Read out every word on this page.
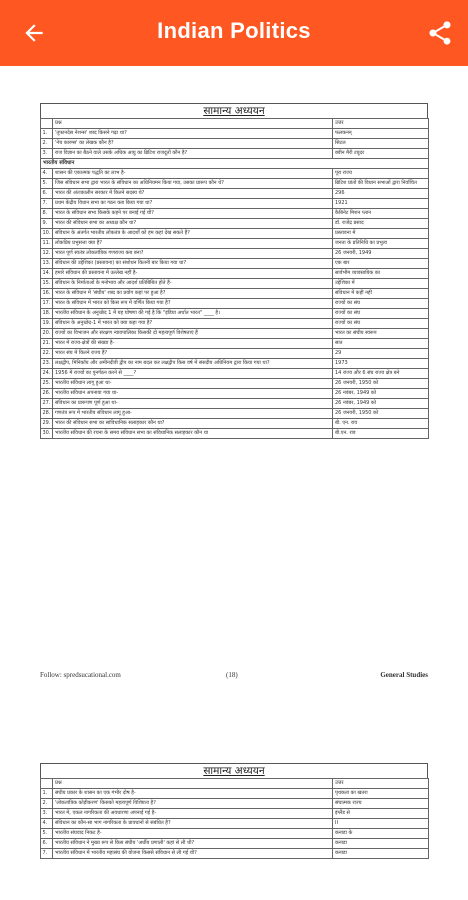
Indian Politics
सामान्य अध्ययन
	प्रश्न	उत्तर
1.	'तूफानदेस नेशन्स' शब्द किसने गढ़ा था?	फलकनन्
2.	'नेच कारम्स' का लेखक कौन है?	सिटल
3.	राज विज्ञान का बैठने वाले उसके अधिक आयु का ब्रिटिश राजदूतों कौन है?	क्वीन मैरी टयूदर
भारतीय संविधान		
4.	शासन की एकात्मक पद्धति का लाभ है-	पूरा राज्य
5.	जिस संविधान सभा द्वारा भारत के संविधान का अधिनियमन किया गया, उसका प्रारूप कौन थे?	ब्रिटिश प्रांतों की विधान सभाओं द्वारा निर्वाचित
6.	भारत की अंतःकालीन सरकार में कितने सदस्य थे?	296
7.	प्रथम केंद्रीय विधान सभा का गठन कब किया गया था?	1921
8.	भारत के संविधान सभा किसके कहने पर बनाई गई थी?	कैबिनेट मिशन प्लान
9.	भारत की संविधान सभा का अध्यक्ष कौन था?	डॉ. राजेंद्र प्रसाद
10.	संविधान के अंतर्गत भारतीय लोकतंत्र के आदर्शों को हम कहां देख सकते हैं?	प्रस्तावना में
11.	लोकप्रिय प्रभुसत्ता क्या है?	जनता के प्रतिनिधि का प्रभुत्व
12.	भारत पूर्ण स्वतंत्र लोकतांत्रिक गणराज्य कब बना?	26 जनवरी, 1949
13.	संविधान की उद्देशिका (प्रस्तावना) का संशोधन कितनी बार किया गया था?	एक बार
14.	हमारे संविधान की प्रस्तावना में उल्लेख नहीं है-	सार्वभौम व्यावसायिक का
15.	संविधान के निर्माताओं के मनोभाव और आदर्श प्रतिबिंबित होते हैं-	उद्देशिका में
16.	भारत के संविधान में 'संघीय' शब्द का प्रयोग कहां पर हुआ है?	संविधान में कहीं नहीं
17.	भारत के संविधान में भारत को किस रूप में वर्णित किया गया है?	राज्यों का संघ
18.	भारतीय संविधान के अनुच्छेद 1 में यह घोषणा की गई है कि "इंडिया अर्थात भारत" ____ है।	राज्यों का संघ
19.	संविधान के अनुच्छेद-1 में भारत को क्या कहा गया है?	राज्यों का संघ
20.	राज्यों का विभाजन और संरक्षण न्यायपालिका किसकी दो महत्वपूर्ण विशेषताएं हैं	भारत का संघीय स्वरूप
21.	भारत में राज्य-क्षेत्रों की संख्या है-	सात
22.	भारत संघ में कितने राज्य हैं?	29
23.	लक्षद्वीप, मिनिकॉय और अमीनदीवी द्वीप का नाम बदल कर लक्षद्वीप किस वर्ष में संसदीय अधिनियम द्वारा किया गया था?	1973
24.	1956 में राज्यों का पुनर्गठन करने से ____?	14 राज्य और 6 संघ राज्य क्षेत्र बने
25.	भारतीय संविधान लागू हुआ था-	26 जनवरी, 1950 को
26.	भारतीय संविधान अपनाया गया था-	26 नवंबर, 1949 को
27.	संविधान का प्रारूपण पूर्ण हुआ था-	26 नवंबर, 1949 को
28.	गणतंत्र रूप में भारतीय संविधान लागू हुआ-	26 जनवरी, 1950 को
29.	भारत की संविधान सभा का सांविधानिक सलाहकार कौन था?	बी. एन. राव
30.	भारतीय संविधान की रचना के समय संविधान सभा का संविधानिक सलाहकार कौन था	बी.एन. राव
Follow: spredsucational.com	(18)	General Studies
सामान्य अध्ययन
	प्रश्न	उत्तर
1.	संघीय प्रकार के शासन का एक गंभीर दोष है-	पृथकता का खतरा
2.	'लोकतांत्रिक कोड़ीकरण' किसको महत्वपूर्ण विशिष्टता है?	संघात्मक राज्य
3.	भारत में, एकल नागरिकता की अवधारणा अपनाई गई है-	इंग्लैंड से
4.	संविधान का कौन-सा भाग नागरिकता के प्रावधानों से संबंधित है?	II
5.	भारतीय संघवाद निकट है-	कनाडा के
6.	भारतीय संविधान ने मुख्य रूप से किस संघीय 'अर्धीय प्रणाली' कहां से ली थी?	कनाडा
7.	भारतीय संविधान में भारतीय महासंघ की योजना किससे संविधान से ली गई थी?	कनाडा
